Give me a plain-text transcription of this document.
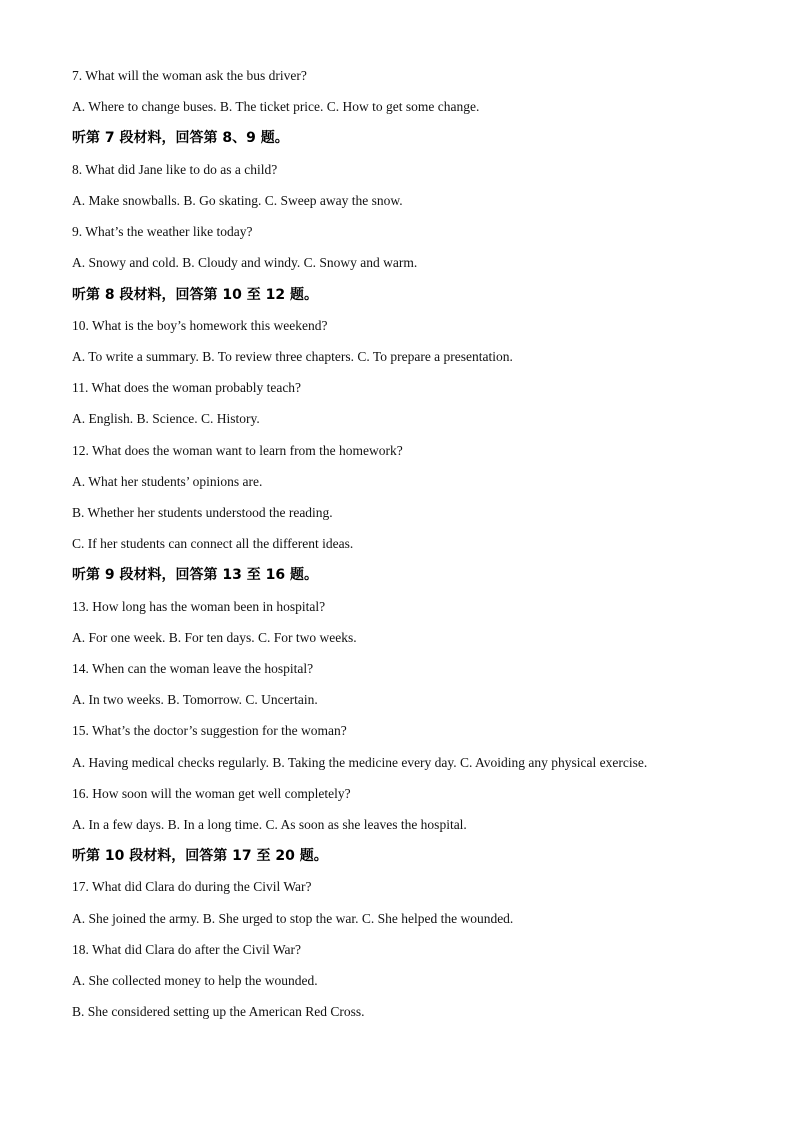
7. What will the woman ask the bus driver?
A. Where to change buses. B. The ticket price. C. How to get some change.
听第 7 段材料，回答第 8、9 题。
8. What did Jane like to do as a child?
A. Make snowballs. B. Go skating. C. Sweep away the snow.
9. What’s the weather like today?
A. Snowy and cold. B. Cloudy and windy. C. Snowy and warm.
听第 8 段材料，回答第 10 至 12 题。
10. What is the boy’s homework this weekend?
A. To write a summary. B. To review three chapters. C. To prepare a presentation.
11. What does the woman probably teach?
A. English. B. Science. C. History.
12. What does the woman want to learn from the homework?
A. What her students’ opinions are.
B. Whether her students understood the reading.
C. If her students can connect all the different ideas.
听第 9 段材料，回答第 13 至 16 题。
13. How long has the woman been in hospital?
A. For one week. B. For ten days. C. For two weeks.
14. When can the woman leave the hospital?
A. In two weeks. B. Tomorrow. C. Uncertain.
15. What’s the doctor’s suggestion for the woman?
A. Having medical checks regularly. B. Taking the medicine every day. C. Avoiding any physical exercise.
16. How soon will the woman get well completely?
A. In a few days. B. In a long time. C. As soon as she leaves the hospital.
听第 10 段材料，回答第 17 至 20 题。
17. What did Clara do during the Civil War?
A. She joined the army. B. She urged to stop the war. C. She helped the wounded.
18. What did Clara do after the Civil War?
A. She collected money to help the wounded.
B. She considered setting up the American Red Cross.
